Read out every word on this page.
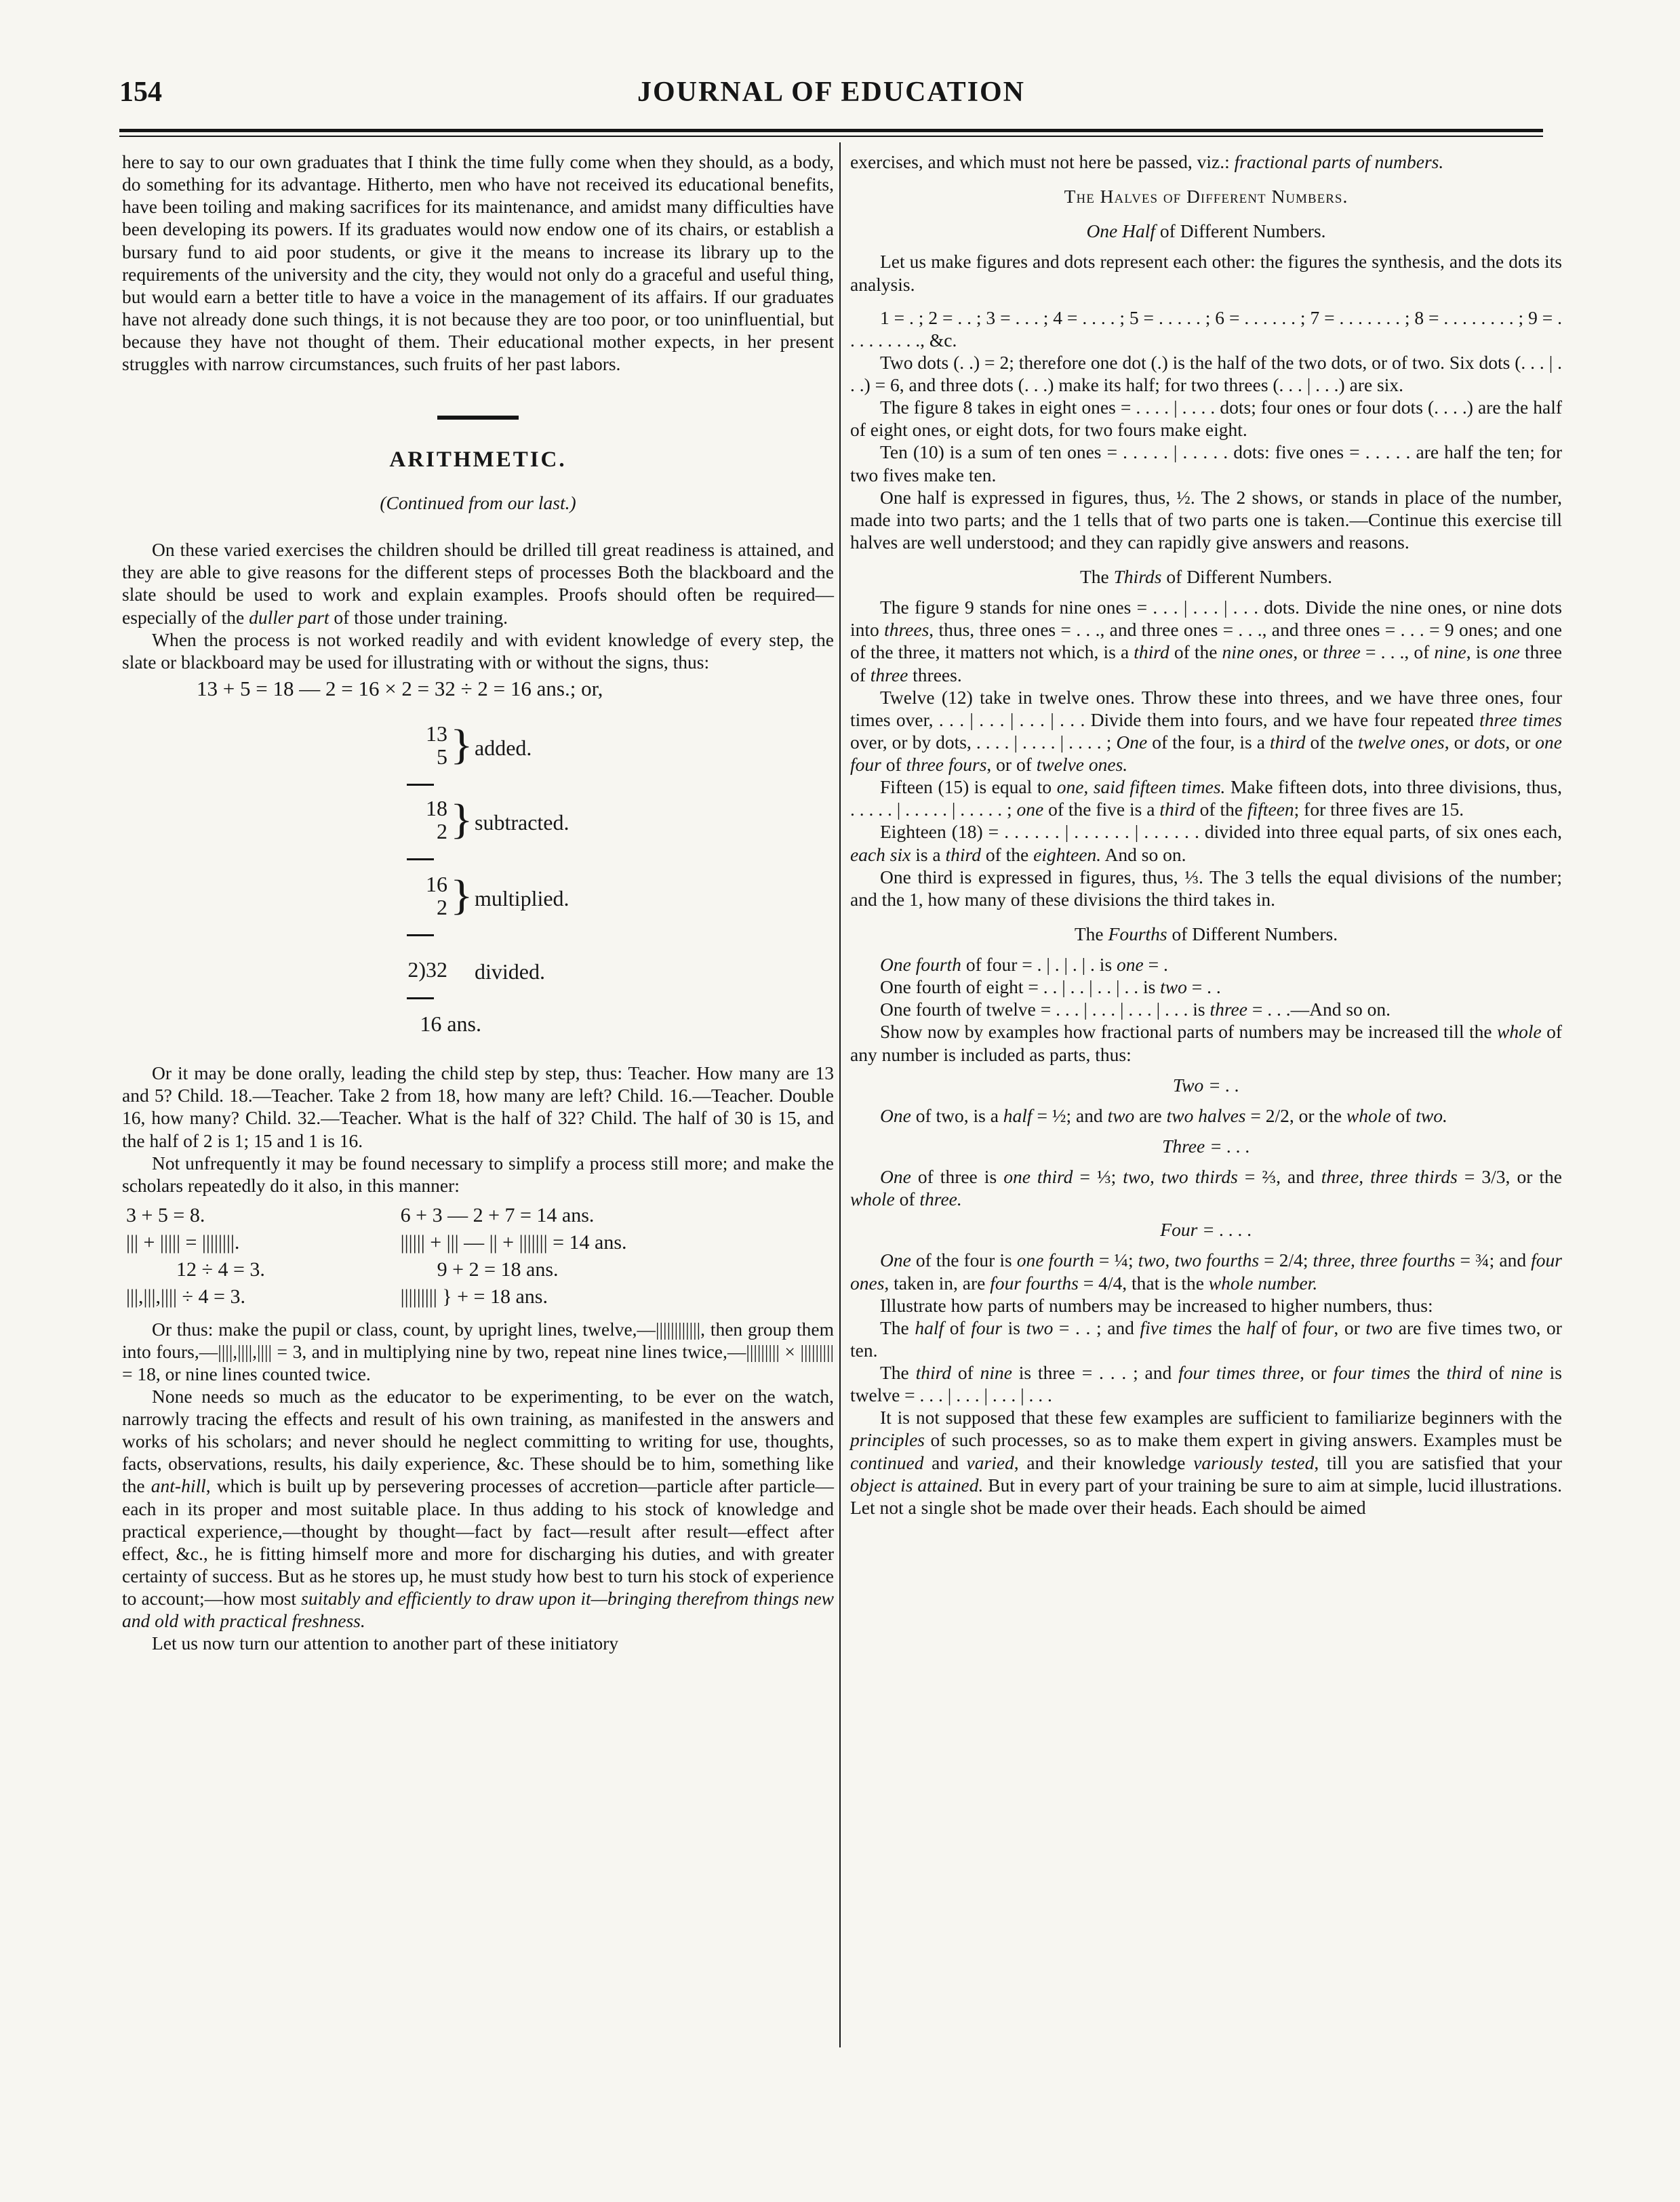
154	JOURNAL OF EDUCATION

here to say to our own graduates that I think the time fully come when they should, as a body, do something for its advantage. Hitherto, men who have not received its educational benefits, have been toiling and making sacrifices for its maintenance, and amidst many difficulties have been developing its powers. If its graduates would now endow one of its chairs, or establish a bursary fund to aid poor students, or give it the means to increase its library up to the requirements of the university and the city, they would not only do a graceful and useful thing, but would earn a better title to have a voice in the management of its affairs. If our graduates have not already done such things, it is not because they are too poor, or too uninfluential, but because they have not thought of them. Their educational mother expects, in her present struggles with narrow circumstances, such fruits of her past labors.

ARITHMETIC.
(Continued from our last.)

On these varied exercises the children should be drilled till great readiness is attained, and they are able to give reasons for the different steps of processes Both the blackboard and the slate should be used to work and explain examples. Proofs should often be required—especially of the duller part of those under training.

When the process is not worked readily and with evident knowledge of every step, the slate or blackboard may be used for illustrating with or without the signs, thus:

13 + 5 = 18 — 2 = 16 × 2 = 32 ÷ 2 = 16 ans.; or,
13
5 } added.
18
2 } subtracted.
16
2 } multiplied.
2)32 divided.
16 ans.

Or it may be done orally, leading the child step by step, thus: Teacher. How many are 13 and 5? Child. 18.—Teacher. Take 2 from 18, how many are left? Child. 16.—Teacher. Double 16, how many? Child. 32.—Teacher. What is the half of 32? Child. The half of 30 is 15, and the half of 2 is 1; 15 and 1 is 16.

Not unfrequently it may be found necessary to simplify a process still more; and make the scholars repeatedly do it also, in this manner:

3 + 5 = 8.	6 + 3 — 2 + 7 = 14 ans.
||| + ||||| = ||||||||.	|||||| + ||| — || + ||||||| = 14 ans.
12 ÷ 4 = 3.	9 + 2 = 18 ans.
|||,|||,|||| ÷ 4 = 3.	||||||||| } + = 18 ans.

Or thus: make the pupil or class, count, by upright lines, twelve,—||||||||||||, then group them into fours,—||||,||||,|||| = 3, and in multiplying nine by two, repeat nine lines twice,—||||||||| × ||||||||| = 18, or nine lines counted twice.

None needs so much as the educator to be experimenting, to be ever on the watch, narrowly tracing the effects and result of his own training, as manifested in the answers and works of his scholars; and never should he neglect committing to writing for use, thoughts, facts, observations, results, his daily experience, &c. These should be to him, something like the ant-hill, which is built up by persevering processes of accretion—particle after particle—each in its proper and most suitable place. In thus adding to his stock of knowledge and practical experience,—thought by thought—fact by fact—result after result—effect after effect, &c., he is fitting himself more and more for discharging his duties, and with greater certainty of success. But as he stores up, he must study how best to turn his stock of experience to account;—how most suitably and efficiently to draw upon it—bringing therefrom things new and old with practical freshness.

Let us now turn our attention to another part of these initiatory

exercises, and which must not here be passed, viz.: fractional parts of numbers.

The Halves of Different Numbers.
One Half of Different Numbers.

Let us make figures and dots represent each other: the figures the synthesis, and the dots its analysis.

1 = . ; 2 = . . ; 3 = . . . ; 4 = . . . . ; 5 = . . . . . ; 6 = . . . . . . ; 7 = . . . . . . . ; 8 = . . . . . . . . ; 9 = . . . . . . . . ., &c.

Two dots (. .) = 2; therefore one dot (.) is the half of the two dots, or of two. Six dots (. . . | . . .) = 6, and three dots (. . .) make its half; for two threes (. . . | . . .) are six.

The figure 8 takes in eight ones = . . . . | . . . . dots; four ones or four dots (. . . .) are the half of eight ones, or eight dots, for two fours make eight.

Ten (10) is a sum of ten ones = . . . . . | . . . . . dots: five ones = . . . . . are half the ten; for two fives make ten.

One half is expressed in figures, thus, ½. The 2 shows, or stands in place of the number, made into two parts; and the 1 tells that of two parts one is taken.—Continue this exercise till halves are well understood; and they can rapidly give answers and reasons.

The Thirds of Different Numbers.

The figure 9 stands for nine ones = . . . | . . . | . . . dots. Divide the nine ones, or nine dots into threes, thus, three ones = . . ., and three ones = . . ., and three ones = . . . = 9 ones; and one of the three, it matters not which, is a third of the nine ones, or three = . . ., of nine, is one three of three threes.

Twelve (12) take in twelve ones. Throw these into threes, and we have three ones, four times over, . . . | . . . | . . . | . . . Divide them into fours, and we have four repeated three times over, or by dots, . . . . | . . . . | . . . . ; One of the four, is a third of the twelve ones, or dots, or one four of three fours, or of twelve ones.

Fifteen (15) is equal to one, said fifteen times. Make fifteen dots, into three divisions, thus, . . . . . | . . . . . | . . . . . ; one of the five is a third of the fifteen; for three fives are 15.

Eighteen (18) = . . . . . . | . . . . . . | . . . . . . divided into three equal parts, of six ones each, each six is a third of the eighteen. And so on.

One third is expressed in figures, thus, ⅓. The 3 tells the equal divisions of the number; and the 1, how many of these divisions the third takes in.

The Fourths of Different Numbers.

One fourth of four = . | . | . | . is one = .

One fourth of eight = . . | . . | . . | . . is two = . .

One fourth of twelve = . . . | . . . | . . . | . . . is three = . . .—And so on.

Show now by examples how fractional parts of numbers may be increased till the whole of any number is included as parts, thus:

Two = . .

One of two, is a half = ½; and two are two halves = 2/2, or the whole of two.

Three = . . .

One of three is one third = ⅓; two, two thirds = ⅔, and three, three thirds = 3/3, or the whole of three.

Four = . . . .

One of the four is one fourth = ¼; two, two fourths = 2/4; three, three fourths = ¾; and four ones, taken in, are four fourths = 4/4, that is the whole number.

Illustrate how parts of numbers may be increased to higher numbers, thus:

The half of four is two = . . ; and five times the half of four, or two are five times two, or ten.

The third of nine is three = . . . ; and four times three, or four times the third of nine is twelve = . . . | . . . | . . . | . . .

It is not supposed that these few examples are sufficient to familiarize beginners with the principles of such processes, so as to make them expert in giving answers. Examples must be continued and varied, and their knowledge variously tested, till you are satisfied that your object is attained. But in every part of your training be sure to aim at simple, lucid illustrations. Let not a single shot be made over their heads. Each should be aimed
